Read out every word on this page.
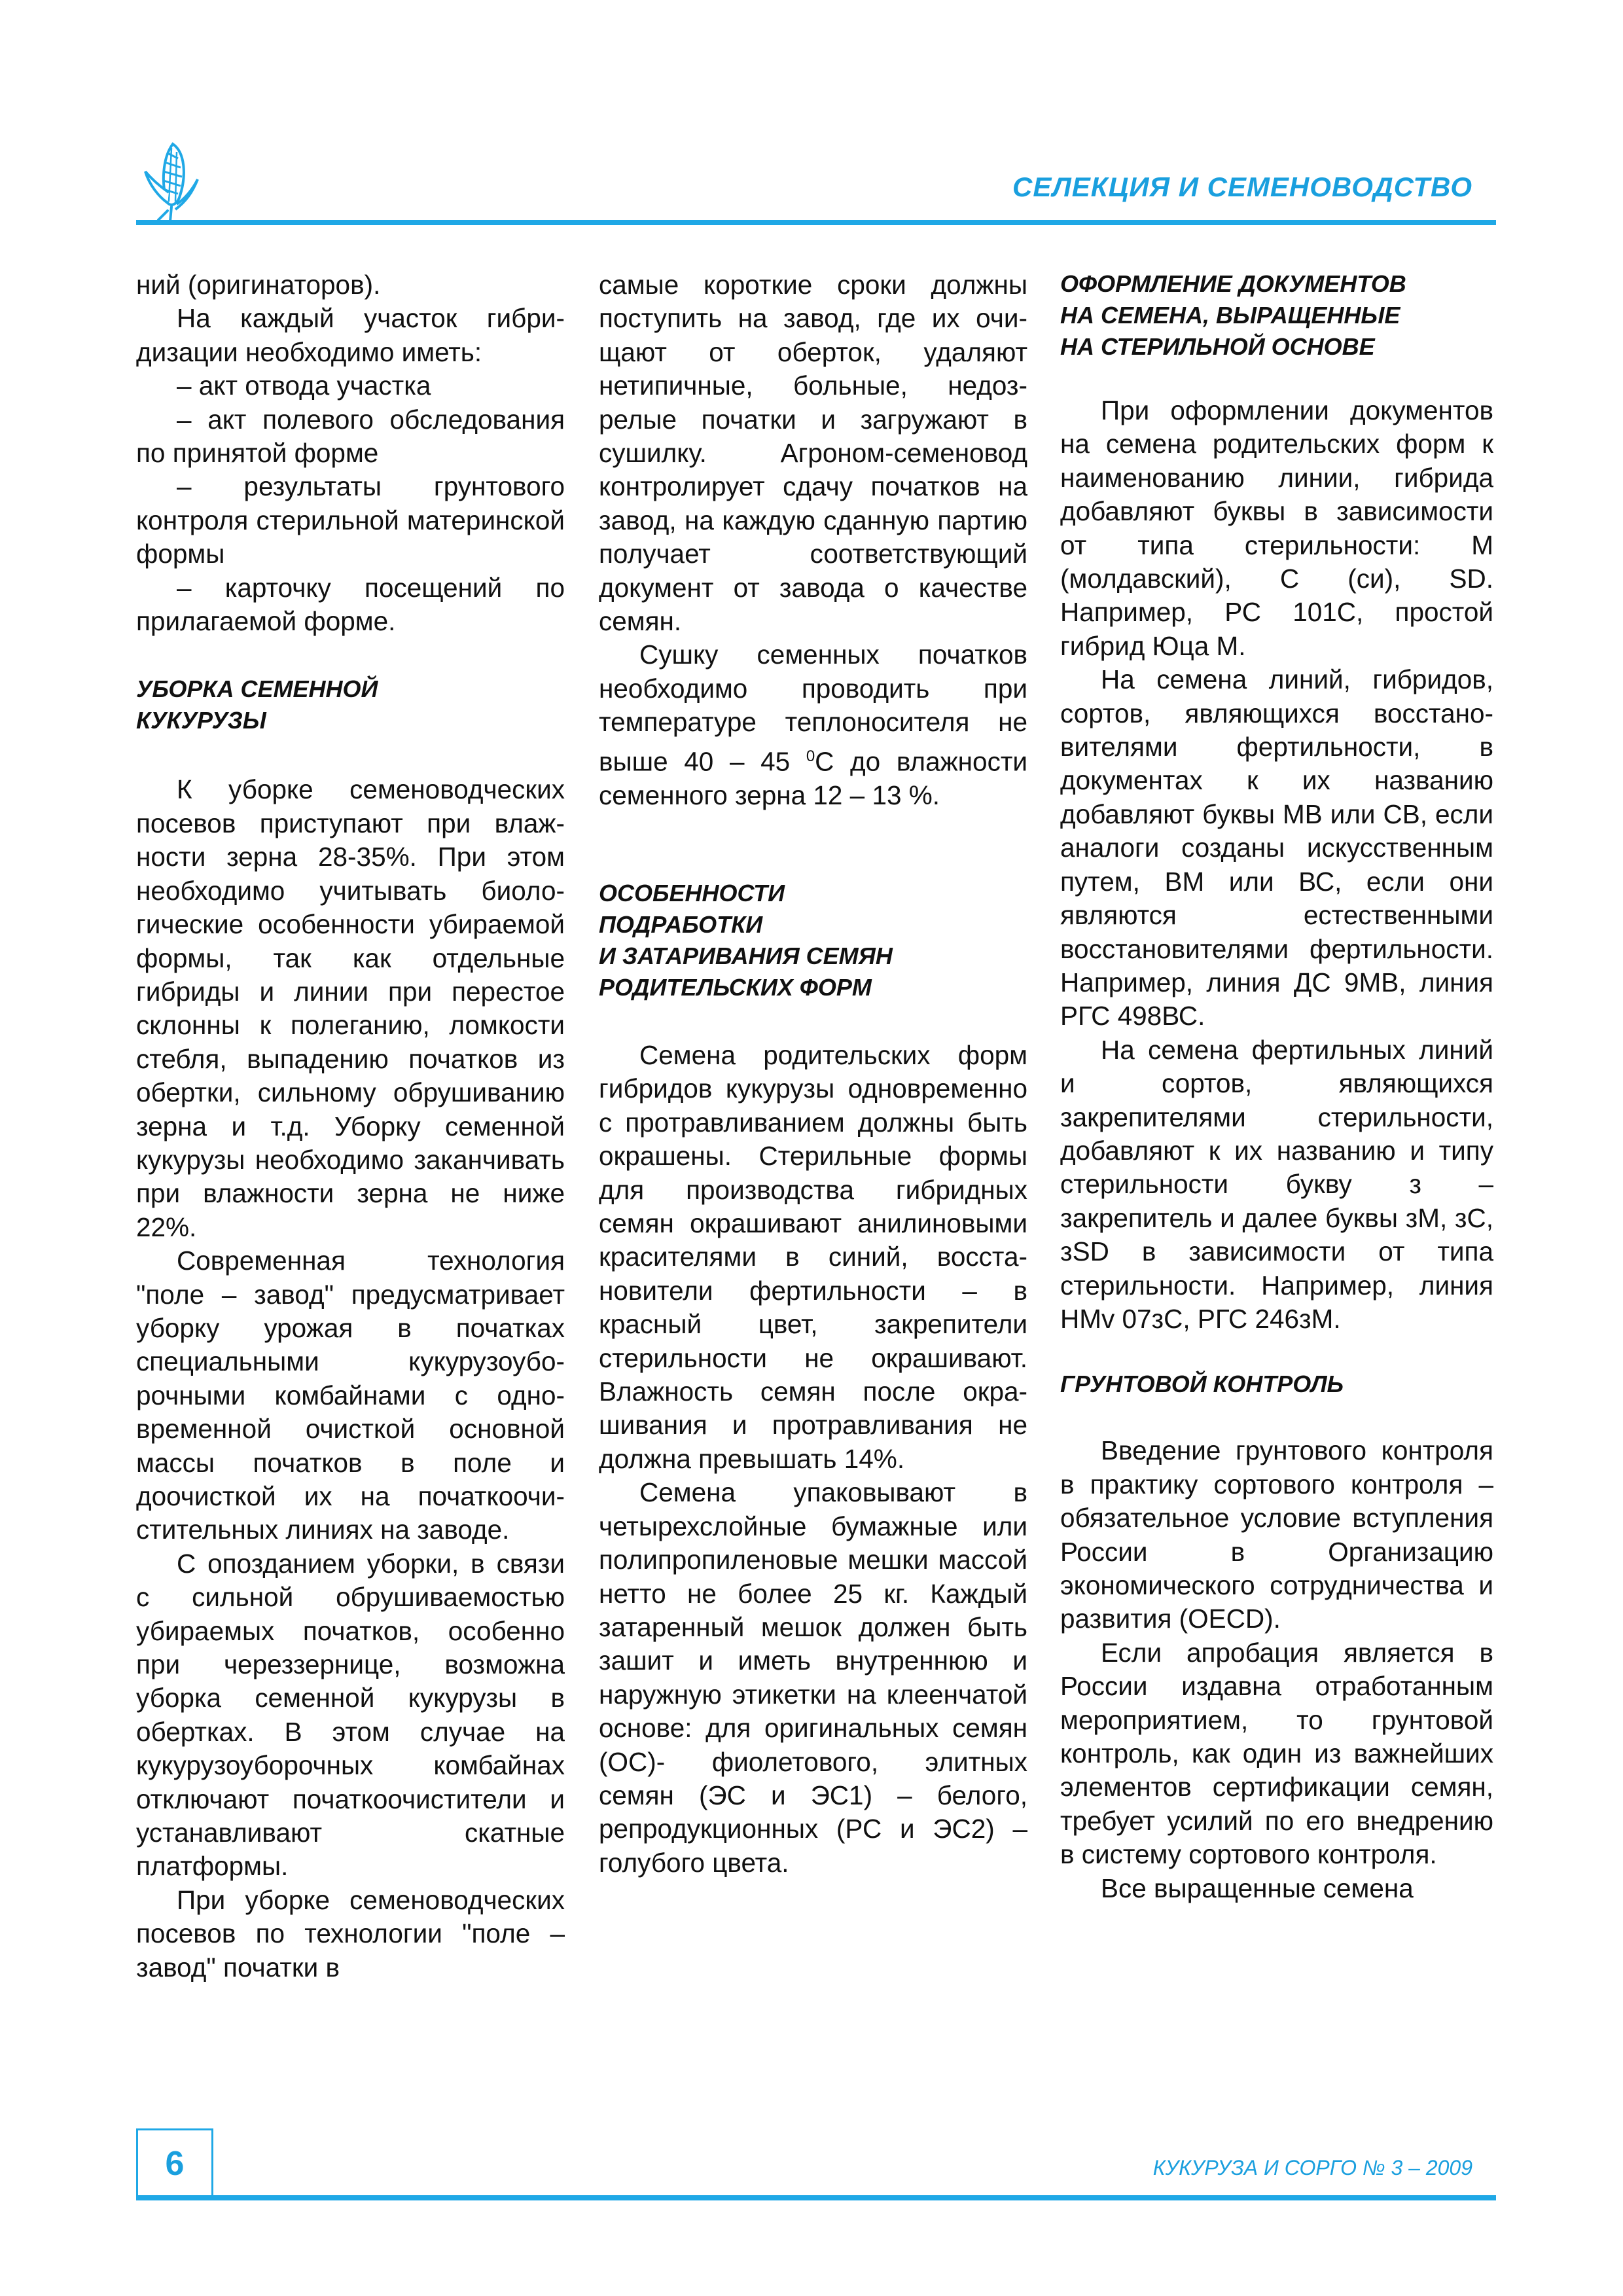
СЕЛЕКЦИЯ И СЕМЕНОВОДСТВО

ний (оригинаторов).

На каждый участок гибридизации необходимо иметь:

– акт отвода участка

– акт полевого обследования по принятой форме

– результаты грунтового контроля стерильной материнской формы

– карточку посещений по прилагаемой форме.

УБОРКА СЕМЕННОЙ

КУКУРУЗЫ

К уборке семеноводческих посевов приступают при влажности зерна 28-35%. При этом необходимо учитывать биологические особенности убираемой формы, так как отдельные гибриды и линии при перестое склонны к полеганию, ломкости стебля, выпадению початков из обертки, сильному обрушиванию зерна и т.д. Уборку семенной кукурузы необходимо заканчивать при влажности зерна не ниже 22%.

Современная технология "поле – завод" предусматривает уборку урожая в початках специальными кукурузоуборочными комбайнами с одновременной очисткой основной массы початков в поле и доочисткой их на початкоочистительных линиях на заводе.

С опозданием уборки, в связи с сильной обрушиваемостью убираемых початков, особенно при череззернице, возможна уборка семенной кукурузы в обертках. В этом случае на кукурузоуборочных комбайнах отключают початкоочистители и устанавливают скатные платформы.

При уборке семеноводческих посевов по технологии "поле – завод" початки в

самые короткие сроки должны поступить на завод, где их очищают от оберток, удаляют нетипичные, больные, недозрелые початки и загружают в сушилку. Агроном-семеновод контролирует сдачу початков на завод, на каждую сданную партию получает соответствующий документ от завода о качестве семян.

Сушку семенных початков необходимо проводить при температуре теплоносителя не выше 40 – 45 $^0$С до влажности семенного зерна 12 – 13 %.

ОСОБЕННОСТИ

ПОДРАБОТКИ

И ЗАТАРИВАНИЯ СЕМЯН

РОДИТЕЛЬСКИХ ФОРМ

Семена родительских форм гибридов кукурузы одновременно с протравливанием должны быть окрашены. Стерильные формы для производства гибридных семян окрашивают анилиновыми красителями в синий, восстановители фертильности – в красный цвет, закрепители стерильности не окрашивают. Влажность семян после окрашивания и протравливания не должна превышать 14%.

Семена упаковывают в четырехслойные бумажные или полипропиленовые мешки массой нетто не более 25 кг. Каждый затаренный мешок должен быть зашит и иметь внутреннюю и наружную этикетки на клеенчатой основе: для оригинальных семян (ОС)- фиолетового, элитных семян (ЭС и ЭС1) – белого, репродукционных (РС и ЭС2) – голубого цвета.

ОФОРМЛЕНИЕ ДОКУМЕНТОВ

НА СЕМЕНА, ВЫРАЩЕННЫЕ

НА СТЕРИЛЬНОЙ ОСНОВЕ

При оформлении документов на семена родительских форм к наименованию линии, гибрида добавляют буквы в зависимости от типа стерильности: М (молдавский), С (си), SD. Например, РС 101С, простой гибрид Юца М.

На семена линий, гибридов, сортов, являющихся восстановителями фертильности, в документах к их названию добавляют буквы МВ или СВ, если аналоги созданы искусственным путем, ВМ или ВС, если они являются естественными восстановителями фертильности. Например, линия ДС 9МВ, линия РГС 498ВС.

На семена фертильных линий и сортов, являющихся закрепителями стерильности, добавляют к их названию и типу стерильности букву з – закрепитель и далее буквы зМ, зС, зSD в зависимости от типа стерильности. Например, линия НМv 07зС, РГС 246зМ.

ГРУНТОВОЙ КОНТРОЛЬ

Введение грунтового контроля в практику сортового контроля – обязательное условие вступления России в Организацию экономического сотрудничества и развития (OECD).

Если апробация является в России издавна отработанным мероприятием, то грунтовой контроль, как один из важнейших элементов сертификации семян, требует усилий по его внедрению в систему сортового контроля.

Все выращенные семена

6	КУКУРУЗА И СОРГО № 3 – 2009
